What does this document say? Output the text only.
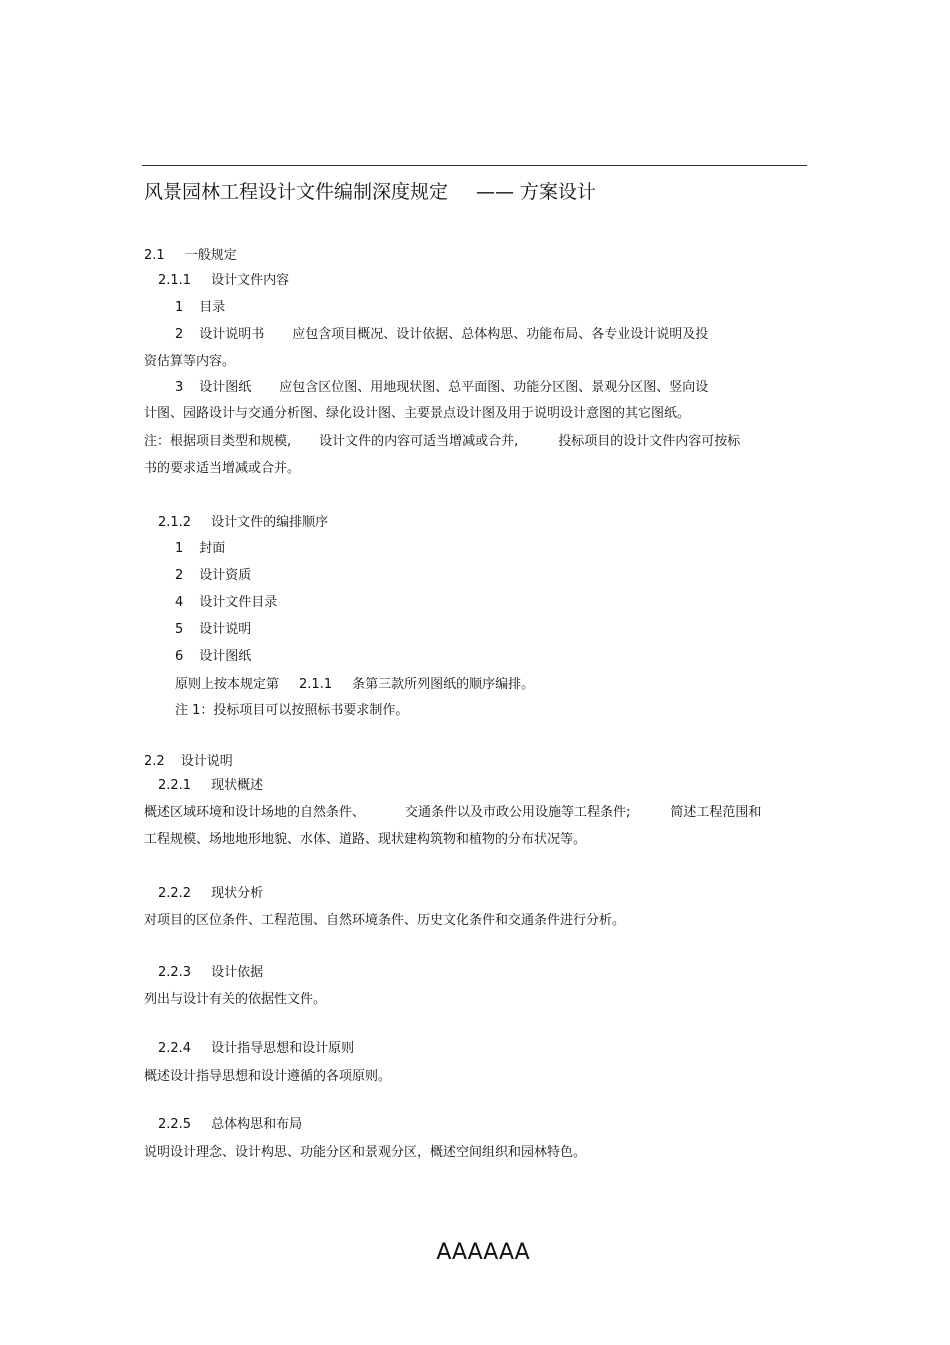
风景园林工程设计文件编制深度规定 —— 方案设计
2.1 一般规定
2.1.1 设计文件内容
1 目录
2 设计说明书 应包含项目概况、设计依据、总体构思、功能布局、各专业设计说明及投
资估算等内容。
3 设计图纸 应包含区位图、用地现状图、总平面图、功能分区图、景观分区图、竖向设
计图、园路设计与交通分析图、绿化设计图、主要景点设计图及用于说明设计意图的其它图纸。
注：根据项目类型和规模, 设计文件的内容可适当增减或合并,	投标项目的设计文件内容可按标
书的要求适当增减或合并。
2.1.2 设计文件的编排顺序
1 封面
2 设计资质
4 设计文件目录
5 设计说明
6 设计图纸
原则上按本规定第 2.1.1 条第三款所列图纸的顺序编排。
注 1：投标项目可以按照标书要求制作。
2.2 设计说明
2.2.1 现状概述
概述区域环境和设计场地的自然条件、	交通条件以及市政公用设施等工程条件;	简述工程范围和
工程规模、场地地形地貌、水体、道路、现状建构筑物和植物的分布状况等。
2.2.2 现状分析
对项目的区位条件、工程范围、自然环境条件、历史文化条件和交通条件进行分析。
2.2.3 设计依据
列出与设计有关的依据性文件。
2.2.4 设计指导思想和设计原则
概述设计指导思想和设计遵循的各项原则。
2.2.5 总体构思和布局
说明设计理念、设计构思、功能分区和景观分区，概述空间组织和园林特色。
AAAAAA
